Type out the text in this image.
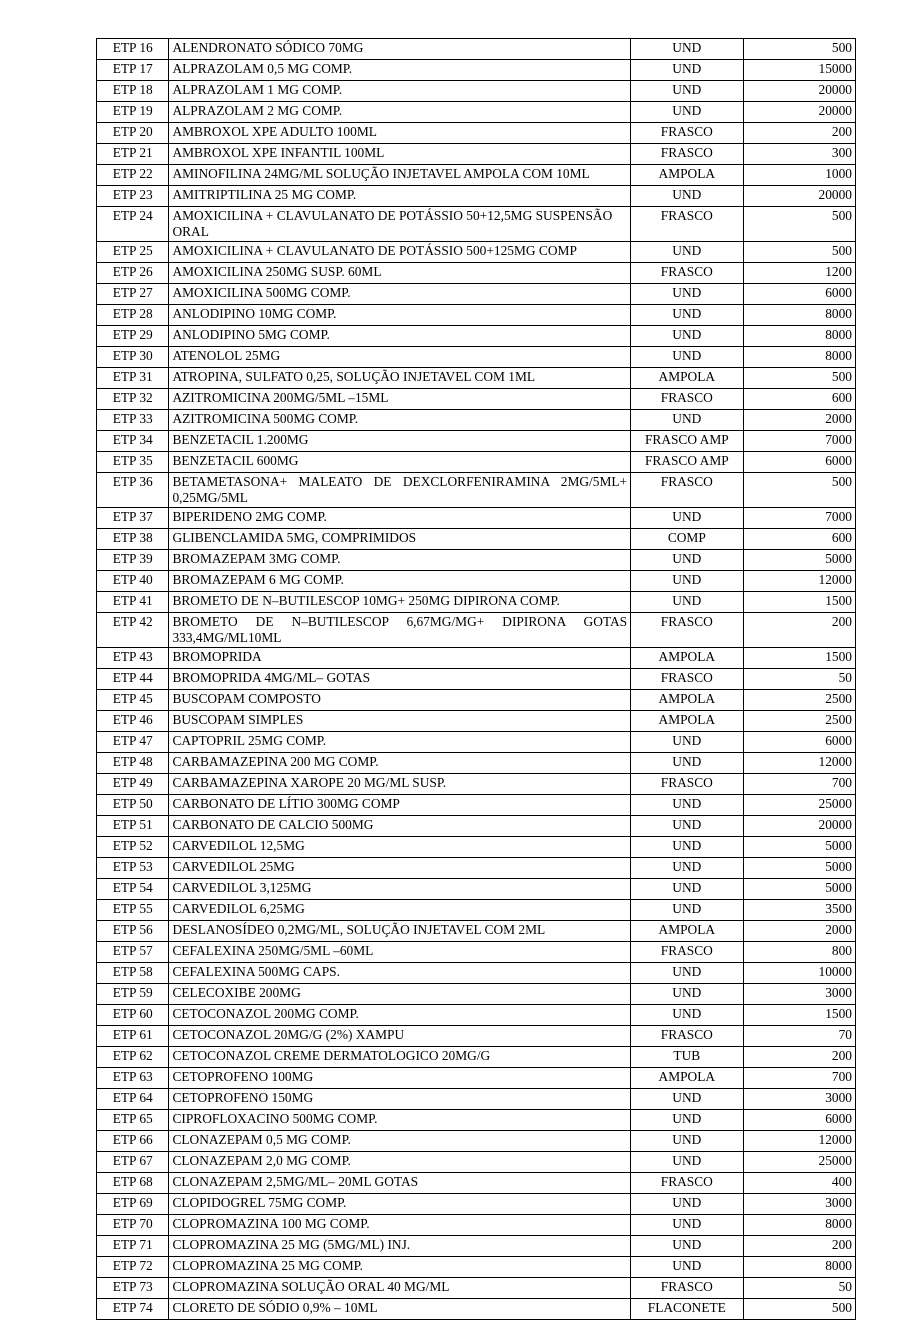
ETP 16	ALENDRONATO SÓDICO 70MG	UND	500
ETP 17	ALPRAZOLAM 0,5 MG COMP.	UND	15000
ETP 18	ALPRAZOLAM 1 MG COMP.	UND	20000
ETP 19	ALPRAZOLAM 2 MG COMP.	UND	20000
ETP 20	AMBROXOL XPE ADULTO 100ML	FRASCO	200
ETP 21	AMBROXOL XPE INFANTIL 100ML	FRASCO	300
ETP 22	AMINOFILINA 24MG/ML SOLUÇÃO INJETAVEL AMPOLA COM 10ML	AMPOLA	1000
ETP 23	AMITRIPTILINA 25 MG COMP.	UND	20000
ETP 24	AMOXICILINA + CLAVULANATO DE POTÁSSIO 50+12,5MG SUSPENSÃO ORAL	FRASCO	500
ETP 25	AMOXICILINA + CLAVULANATO DE POTÁSSIO 500+125MG COMP	UND	500
ETP 26	AMOXICILINA 250MG SUSP. 60ML	FRASCO	1200
ETP 27	AMOXICILINA 500MG COMP.	UND	6000
ETP 28	ANLODIPINO 10MG COMP.	UND	8000
ETP 29	ANLODIPINO 5MG COMP.	UND	8000
ETP 30	ATENOLOL 25MG	UND	8000
ETP 31	ATROPINA, SULFATO 0,25, SOLUÇÃO INJETAVEL COM 1ML	AMPOLA	500
ETP 32	AZITROMICINA 200MG/5ML –15ML	FRASCO	600
ETP 33	AZITROMICINA 500MG COMP.	UND	2000
ETP 34	BENZETACIL 1.200MG	FRASCO AMP	7000
ETP 35	BENZETACIL 600MG	FRASCO AMP	6000
ETP 36	BETAMETASONA+ MALEATO DE DEXCLORFENIRAMINA 2MG/5ML+ 0,25MG/5ML	FRASCO	500
ETP 37	BIPERIDENO 2MG COMP.	UND	7000
ETP 38	GLIBENCLAMIDA 5MG, COMPRIMIDOS	COMP	600
ETP 39	BROMAZEPAM 3MG COMP.	UND	5000
ETP 40	BROMAZEPAM 6 MG COMP.	UND	12000
ETP 41	BROMETO DE N–BUTILESCOP 10MG+ 250MG DIPIRONA COMP.	UND	1500
ETP 42	BROMETO DE N–BUTILESCOP 6,67MG/MG+ DIPIRONA GOTAS 333,4MG/ML10ML	FRASCO	200
ETP 43	BROMOPRIDA	AMPOLA	1500
ETP 44	BROMOPRIDA 4MG/ML– GOTAS	FRASCO	50
ETP 45	BUSCOPAM COMPOSTO	AMPOLA	2500
ETP 46	BUSCOPAM SIMPLES	AMPOLA	2500
ETP 47	CAPTOPRIL 25MG COMP.	UND	6000
ETP 48	CARBAMAZEPINA 200 MG COMP.	UND	12000
ETP 49	CARBAMAZEPINA XAROPE 20 MG/ML SUSP.	FRASCO	700
ETP 50	CARBONATO DE LÍTIO 300MG COMP	UND	25000
ETP 51	CARBONATO DE CALCIO 500MG	UND	20000
ETP 52	CARVEDILOL 12,5MG	UND	5000
ETP 53	CARVEDILOL 25MG	UND	5000
ETP 54	CARVEDILOL 3,125MG	UND	5000
ETP 55	CARVEDILOL 6,25MG	UND	3500
ETP 56	DESLANOSÍDEO 0,2MG/ML, SOLUÇÃO INJETAVEL COM 2ML	AMPOLA	2000
ETP 57	CEFALEXINA 250MG/5ML –60ML	FRASCO	800
ETP 58	CEFALEXINA 500MG CAPS.	UND	10000
ETP 59	CELECOXIBE 200MG	UND	3000
ETP 60	CETOCONAZOL 200MG COMP.	UND	1500
ETP 61	CETOCONAZOL 20MG/G (2%) XAMPU	FRASCO	70
ETP 62	CETOCONAZOL CREME DERMATOLOGICO 20MG/G	TUB	200
ETP 63	CETOPROFENO 100MG	AMPOLA	700
ETP 64	CETOPROFENO 150MG	UND	3000
ETP 65	CIPROFLOXACINO 500MG COMP.	UND	6000
ETP 66	CLONAZEPAM 0,5 MG COMP.	UND	12000
ETP 67	CLONAZEPAM 2,0 MG COMP.	UND	25000
ETP 68	CLONAZEPAM 2,5MG/ML– 20ML GOTAS	FRASCO	400
ETP 69	CLOPIDOGREL 75MG COMP.	UND	3000
ETP 70	CLOPROMAZINA 100 MG COMP.	UND	8000
ETP 71	CLOPROMAZINA 25 MG (5MG/ML) INJ.	UND	200
ETP 72	CLOPROMAZINA 25 MG COMP.	UND	8000
ETP 73	CLOPROMAZINA SOLUÇÃO ORAL 40 MG/ML	FRASCO	50
ETP 74	CLORETO DE SÓDIO 0,9% – 10ML	FLACONETE	500
